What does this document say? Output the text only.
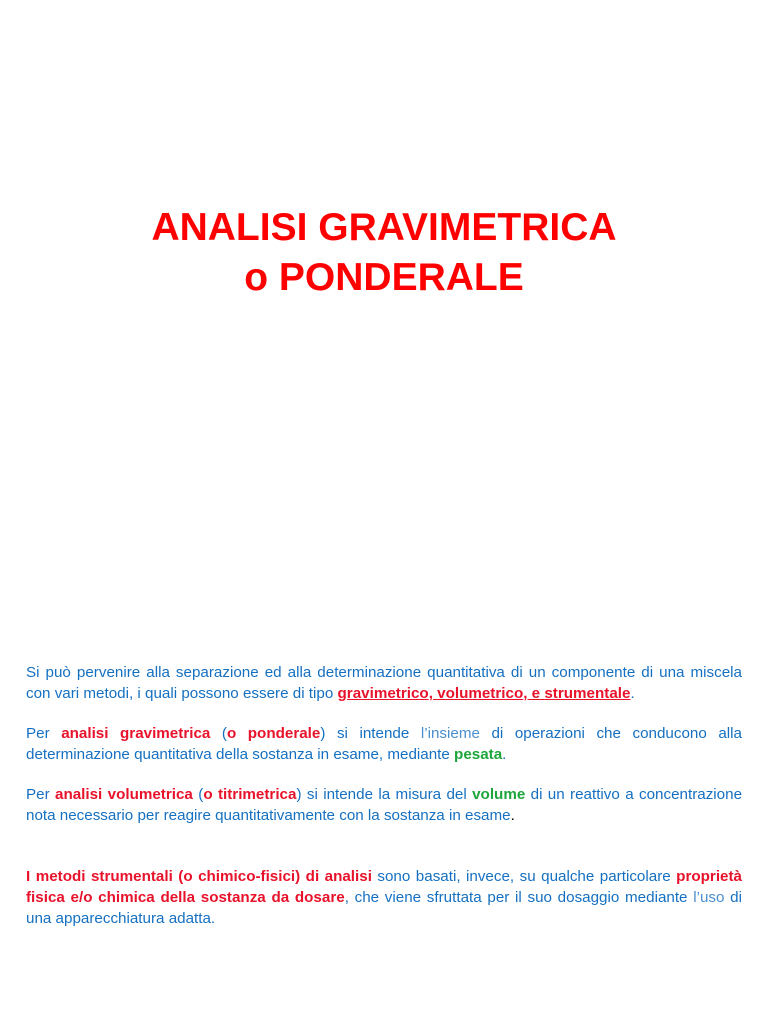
ANALISI GRAVIMETRICA
o PONDERALE

Si può pervenire alla separazione ed alla determinazione quantitativa di un componente di una miscela con vari metodi, i quali possono essere di tipo gravimetrico, volumetrico, e strumentale.

Per analisi gravimetrica (o ponderale) si intende l’insieme di operazioni che conducono alla determinazione quantitativa della sostanza in esame, mediante pesata.

Per analisi volumetrica (o titrimetrica) si intende la misura del volume di un reattivo a concentrazione nota necessario per reagire quantitativamente con la sostanza in esame.

I metodi strumentali (o chimico-fisici) di analisi sono basati, invece, su qualche particolare proprietà fisica e/o chimica della sostanza da dosare, che viene sfruttata per il suo dosaggio mediante l’uso di una apparecchiatura adatta.
